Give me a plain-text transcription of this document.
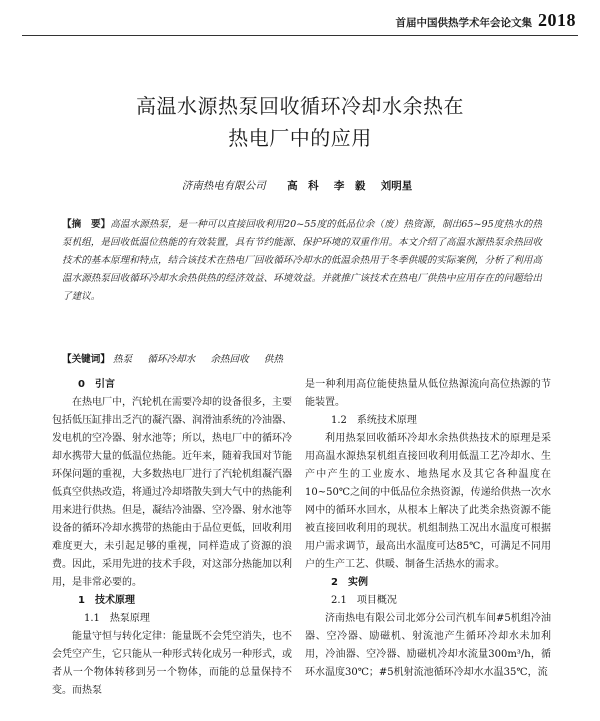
首届中国供热学术年会论文集 2018
高温水源热泵回收循环冷却水余热在
热电厂中的应用
济南热电有限公司 高　科 李　毅 刘明星
【摘　要】高温水源热泵，是一种可以直接回收利用20~55度的低品位余（废）热资源，制出65~95度热水的热泵机组，是回收低温位热能的有效装置，具有节约能源、保护环境的双重作用。本文介绍了高温水源热泵余热回收技术的基本原理和特点，结合该技术在热电厂回收循环冷却水的低温余热用于冬季供暖的实际案例，分析了利用高温水源热泵回收循环冷却水余热供热的经济效益、环境效益。并就推广该技术在热电厂供热中应用存在的问题给出了建议。
【关键词】 热泵 循环冷却水 余热回收 供热
0　引言

在热电厂中，汽轮机在需要冷却的设备很多，主要包括低压缸排出乏汽的凝汽器、润滑油系统的冷油器、发电机的空冷器、射水池等；所以，热电厂中的循环冷却水携带大量的低温位热能。近年来，随着我国对节能环保问题的重视，大多数热电厂进行了汽轮机组凝汽器低真空供热改造，将通过冷却塔散失到大气中的热能利用来进行供热。但是，凝结冷油器、空冷器、射水池等设备的循环冷却水携带的热能由于品位更低，回收利用难度更大，未引起足够的重视，同样造成了资源的浪费。因此，采用先进的技术手段，对这部分热能加以利用，是非常必要的。

1　技术原理
1.1　热泵原理

能量守恒与转化定律：能量既不会凭空消失，也不会凭空产生，它只能从一种形式转化成另一种形式，或者从一个物体转移到另一个物体，而能的总量保持不变。而热泵

是一种利用高位能使热量从低位热源流向高位热源的节能装置。

1.2　系统技术原理

利用热泵回收循环冷却水余热供热技术的原理是采用高温水源热泵机组直接回收利用低温工艺冷却水、生产中产生的工业废水、地热尾水及其它各种温度在10~50℃之间的中低品位余热资源，传递给供热一次水网中的循环水回水，从根本上解决了此类余热资源不能被直接回收利用的现状。机组制热工况出水温度可根据用户需求调节，最高出水温度可达85℃，可满足不同用户的生产工艺、供暖、制备生活热水的需求。

2　实例
2.1　项目概况

济南热电有限公司北郊分公司汽机车间#5机组冷油器、空冷器、励磁机、射流池产生循环冷却水未加利用，冷油器、空冷器、励磁机冷却水流量300m³/h，循环水温度30℃；#5机射流池循环冷却水水温35℃，流
